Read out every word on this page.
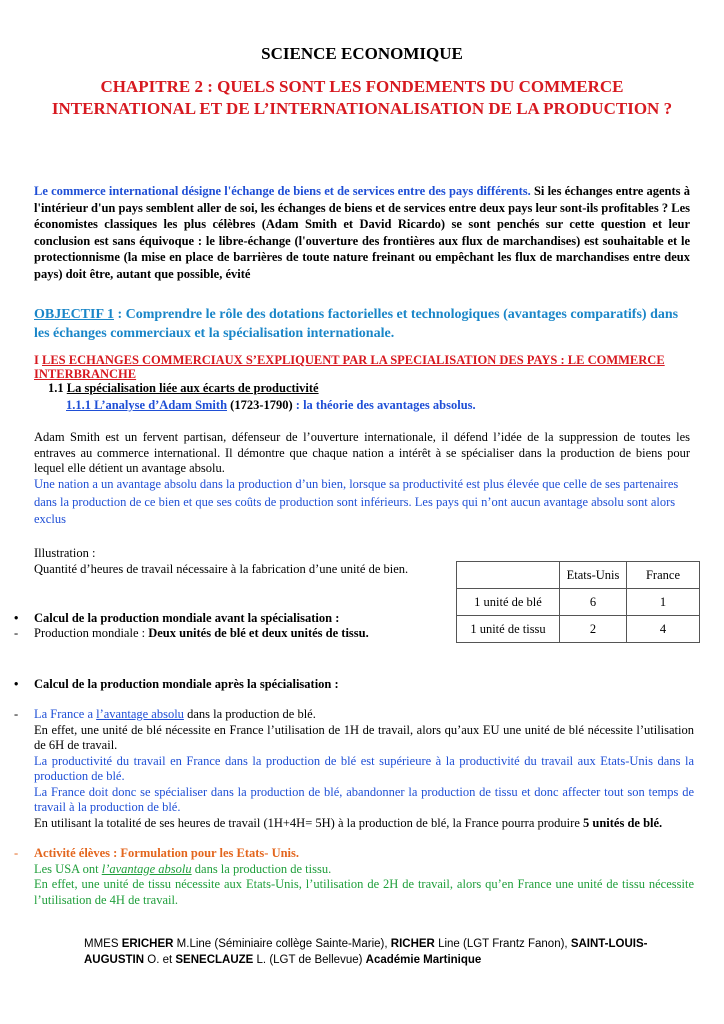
SCIENCE ECONOMIQUE
CHAPITRE 2 : QUELS SONT LES FONDEMENTS DU COMMERCE INTERNATIONAL ET DE L’INTERNATIONALISATION DE LA PRODUCTION ?
Le commerce international désigne l'échange de biens et de services entre des pays différents. Si les échanges entre agents à l'intérieur d'un pays semblent aller de soi, les échanges de biens et de services entre deux pays leur sont-ils profitables ? Les économistes classiques les plus célèbres (Adam Smith et David Ricardo) se sont penchés sur cette question et leur conclusion est sans équivoque : le libre-échange (l'ouverture des frontières aux flux de marchandises) est souhaitable et le protectionnisme (la mise en place de barrières de toute nature freinant ou empêchant les flux de marchandises entre deux pays) doit être, autant que possible, évité
OBJECTIF 1 : Comprendre le rôle des dotations factorielles et technologiques (avantages comparatifs) dans les échanges commerciaux et la spécialisation internationale.
I LES ECHANGES COMMERCIAUX S’EXPLIQUENT PAR LA SPECIALISATION DES PAYS : LE COMMERCE INTERBRANCHE
1.1 La spécialisation liée aux écarts de productivité
1.1.1 L’analyse d’Adam Smith (1723-1790) : la théorie des avantages absolus.
Adam Smith est un fervent partisan, défenseur de l’ouverture internationale, il défend l’idée de la suppression de toutes les entraves au commerce international. Il démontre que chaque nation a intérêt à se spécialiser dans la production de biens pour lequel elle détient un avantage absolu.
Une nation a un avantage absolu dans la production d’un bien, lorsque sa productivité est plus élevée que celle de ses partenaires dans la production de ce bien et que ses coûts de production sont inférieurs. Les pays qui n’ont aucun avantage absolu sont alors exclus
Illustration :
Quantité d’heures de travail nécessaire à la fabrication d’une unité de bien.
		Etats-Unis	France
1 unité de blé	6	1
1 unité de tissu	2	4
• Calcul de la production mondiale avant la spécialisation :
- Production mondiale : Deux unités de blé et deux unités de tissu.
• Calcul de la production mondiale après la spécialisation :
-	La France a l’avantage absolu dans la production de blé.
En effet, une unité de blé nécessite en France l’utilisation de 1H de travail, alors qu’aux EU une unité de blé nécessite l’utilisation de 6H de travail.
La productivité du travail en France dans la production de blé est supérieure à la productivité du travail aux Etats-Unis dans la production de blé.
La France doit donc se spécialiser dans la production de blé, abandonner la production de tissu et donc affecter tout son temps de travail à la production de blé.
En utilisant la totalité de ses heures de travail (1H+4H= 5H) à la production de blé, la France pourra produire 5 unités de blé.
-	Activité élèves : Formulation pour les Etats- Unis.
Les USA ont l’avantage absolu dans la production de tissu.
En effet, une unité de tissu nécessite aux Etats-Unis, l’utilisation de 2H de travail, alors qu’en France une unité de tissu nécessite l’utilisation de 4H de travail.
MMES ERICHER M.Line (Séminiaire collège Sainte-Marie), RICHER Line (LGT Frantz Fanon), SAINT-LOUIS-AUGUSTIN O. et SENECLAUZE L. (LGT de Bellevue) Académie Martinique
